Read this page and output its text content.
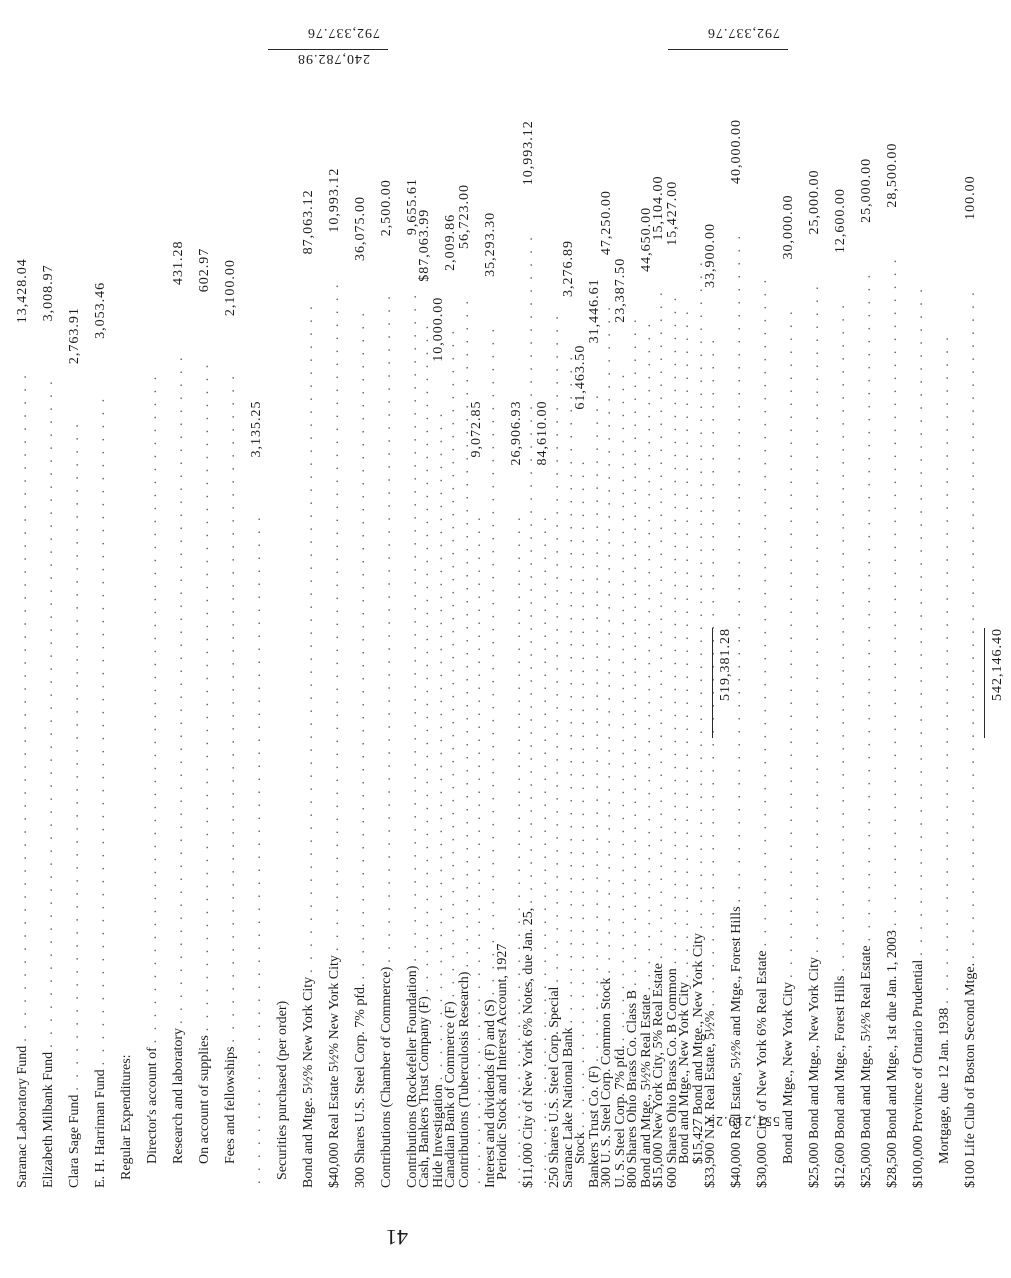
41
792,337.76
551,219.25
792,337.76
240,782.98
Cash, Bankers Trust Company (F)
. . .
$87,063.99
Canadian Bank of Commerce (F)
. . .
2,009.86
. . .
9,072.85
Periodic Stock and Interest Account, 1927 $11,000 City of New York 6% Notes, due Jan. 25,
. . .
10,993.12
250 Shares U.S. Steel Corp. Special
. . . Stock
. . .
61,463.50
300 U. S. Steel Corp. Common Stock
. . .
47,250.00
800 Shares Ohio Brass Co. Class B
. . . $15,000 New York City, 5% Real Estate
. . .
15,104.00
Bond and Mtge., New York City
. . . $33,900 N.Y. Real Estate, 5½%
. . .
33,900.00
$40,000 Real Estate, 5½% and Mtge., Forest Hills
. . .
40,000.00
$30,000 City of New York 6% Real Estate
. . . Bond and Mtge., New York City
. . .
30,000.00
$25,000 Bond and Mtge., New York City
. . .
25,000.00
$12,600 Bond and Mtge., Forest Hills
. . .
12,600.00
$25,000 Bond and Mtge., 5½% Real Estate
. . .
25,000.00
$28,500 Bond and Mtge., 1st due Jan. 1, 2003
. . .
28,500.00
$100,000 Province of Ontario Prudential
. . . Mortgage, due 12 Jan. 1938
. . . $100 Life Club of Boston Second Mtge.
. . .
100.00
542,146.40
Saranac Laboratory Fund
. . .
13,428.04
Elizabeth Milbank Fund
. . .
3,008.97
Clara Sage Fund
. . .
2,763.91
E. H. Harriman Fund
. . .
3,053.46
Regular Expenditures: Director's account of
. . . Research and laboratory
. . .
431.28
On account of supplies
. . .
602.97
Fees and fellowships
. . .
2,100.00
. . .
3,135.25
Securities purchased (per order) Bond and Mtge. 5½% New York City
. . .
87,063.12
$40,000 Real Estate 5½% New York City
. . .
10,993.12
300 Shares U.S. Steel Corp. 7% pfd.
. . .
36,075.00
Contributions (Chamber of Commerce)
. . .
2,500.00
Contributions (Rockefeller Foundation)
. . .
9,655.61
Hide Investigation
. . .
10,000.00
Contributions (Tuberculosis Research)
. . .
56,723.00
Interest and dividends (F) and (S)
. . .
35,293.30
. . .
26,906.93
. . . 84,610.00
Saranac Lake National Bank
. . .
3,276.89
Bankers Trust Co. (F)
. . .
31,446.61
U. S. Steel Corp. 7% pfd.
. . .
23,387.50
Bond and Mtge., 5½% Real Estate
. . .
44,650.00
600 Shares Ohio Brass Co. B Common
. . .
15,427.00
$15,427 Bond and Mtge., New York City
. . .
519,381.28
